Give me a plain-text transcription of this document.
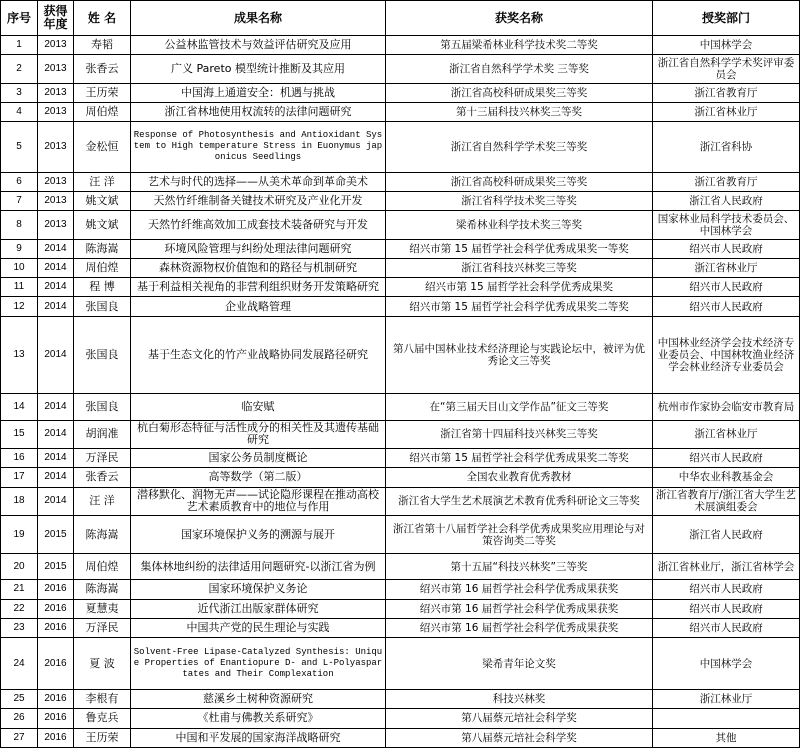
序号	获得年度	姓 名	成果名称	获奖名称	授奖部门
1	2013	寿韬	公益林监管技术与效益评估研究及应用	第五届梁希林业科学技术奖二等奖	中国林学会
2	2013	张香云	广义 Pareto 模型统计推断及其应用	浙江省自然科学学术奖 三等奖	浙江省自然科学学术奖评审委员会
3	2013	王历荣	中国海上通道安全：机遇与挑战	浙江省高校科研成果奖三等奖	浙江省教育厅
4	2013	周伯煌	浙江省林地使用权流转的法律问题研究	第十三届科技兴林奖三等奖	浙江省林业厅
5	2013	金松恒	Response of Photosynthesis and Antioxidant System to High temperature Stress in Euonymus japonicus Seedlings	浙江省自然科学学术奖三等奖	浙江省科协
6	2013	汪 洋	艺术与时代的选择——从美术革命到革命美术	浙江省高校科研成果奖三等奖	浙江省教育厅
7	2013	姚文斌	天然竹纤维制备关键技术研究及产业化开发	浙江省科学技术奖三等奖	浙江省人民政府
8	2013	姚文斌	天然竹纤维高效加工成套技术装备研究与开发	梁希林业科学技术奖三等奖	国家林业局科学技术委员会、中国林学会
9	2014	陈海嵩	环境风险管理与纠纷处理法律问题研究	绍兴市第 15 届哲学社会科学优秀成果奖一等奖	绍兴市人民政府
10	2014	周伯煌	森林资源物权价值饱和的路径与机制研究	浙江省科技兴林奖三等奖	浙江省林业厅
11	2014	程 博	基于利益相关视角的非营利组织财务开发策略研究	绍兴市第 15 届哲学社会科学优秀成果奖	绍兴市人民政府
12	2014	张国良	企业战略管理	绍兴市第 15 届哲学社会科学优秀成果奖二等奖	绍兴市人民政府
13	2014	张国良	基于生态文化的竹产业战略协同发展路径研究	第八届中国林业技术经济理论与实践论坛中，被评为优秀论文三等奖	中国林业经济学会技术经济专业委员会、中国林牧渔业经济学会林业经济专业委员会
14	2014	张国良	临安赋	在“第三届天目山文学作品”征文三等奖	杭州市作家协会临安市教育局
15	2014	胡润准	杭白菊形态特征与活性成分的相关性及其遗传基础研究	浙江省第十四届科技兴林奖三等奖	浙江省林业厅
16	2014	万泽民	国家公务员制度概论	绍兴市第 15 届哲学社会科学优秀成果奖二等奖	绍兴市人民政府
17	2014	张香云	高等数学（第二版）	全国农业教育优秀教材	中华农业科教基金会
18	2014	汪 洋	潜移默化、润物无声——试论隐形课程在推动高校艺术素质教育中的地位与作用	浙江省大学生艺术展演艺术教育优秀科研论文三等奖	浙江省教育厅/浙江省大学生艺术展演组委会
19	2015	陈海嵩	国家环境保护义务的溯源与展开	浙江省第十八届哲学社会科学优秀成果奖应用理论与对策咨询类二等奖	浙江省人民政府
20	2015	周伯煌	集体林地纠纷的法律适用问题研究-以浙江省为例	第十五届“科技兴林奖”三等奖	浙江省林业厅，浙江省林学会
21	2016	陈海嵩	国家环境保护义务论	绍兴市第 16 届哲学社会科学优秀成果获奖	绍兴市人民政府
22	2016	夏慧夷	近代浙江出版家群体研究	绍兴市第 16 届哲学社会科学优秀成果获奖	绍兴市人民政府
23	2016	万泽民	中国共产党的民生理论与实践	绍兴市第 16 届哲学社会科学优秀成果获奖	绍兴市人民政府
24	2016	夏 波	Solvent-Free Lipase-Catalyzed Synthesis: Unique Properties of Enantiopure D- and L-Polyaspartates and Their Complexation	梁希青年论文奖	中国林学会
25	2016	李根有	慈溪乡土树种资源研究	科技兴林奖	浙江林业厅
26	2016	鲁克兵	《杜甫与佛教关系研究》	第八届蔡元培社会科学奖	
27	2016	王历荣	中国和平发展的国家海洋战略研究	第八届蔡元培社会科学奖	其他
